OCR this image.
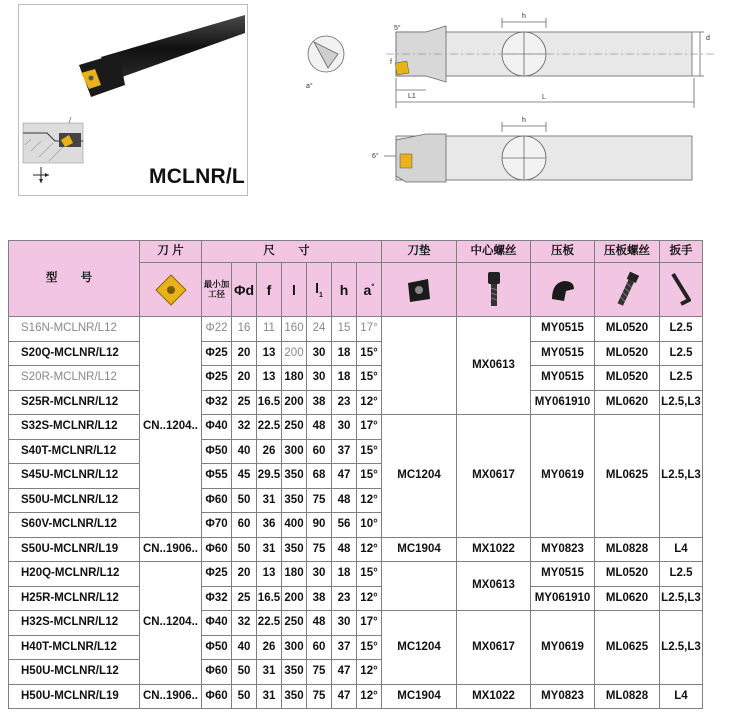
MCLNR/L
h
d
f
L1	L
5°
a°
h
6°
型 号	刀 片	尺 寸							刀垫	中心螺丝	压板	压板螺丝	扳手

	最小加工径	Φd	f	l	$l_1$	h	a°	

S16N-MCLNR/L12	CN..1204..	Φ22	16	11	160	24	15	17°		MX0613	MY0515	ML0520	L2.5
S20Q-MCLNR/L12		Φ25	20	13	200	30	18	15°			MY0515	ML0520	L2.5
S20R-MCLNR/L12		Φ25	20	13	180	30	18	15°			MY0515	ML0520	L2.5
S25R-MCLNR/L12		Φ32	25	16.5	200	38	23	12°			MY061910	ML0620	L2.5,L3
S32S-MCLNR/L12		Φ40	32	22.5	250	48	30	17°	MC1204	MX0617	MY0619	ML0625	L2.5,L3
S40T-MCLNR/L12		Φ50	40	26	300	60	37	15°					
S45U-MCLNR/L12		Φ55	45	29.5	350	68	47	15°					
S50U-MCLNR/L12		Φ60	50	31	350	75	48	12°					
S60V-MCLNR/L12		Φ70	60	36	400	90	56	10°					
S50U-MCLNR/L19	CN..1906..	Φ60	50	31	350	75	48	12°	MC1904	MX1022	MY0823	ML0828	L4
H20Q-MCLNR/L12	CN..1204..	Φ25	20	13	180	30	18	15°		MX0613	MY0515	ML0520	L2.5
H25R-MCLNR/L12		Φ32	25	16.5	200	38	23	12°			MY061910	ML0620	L2.5,L3
H32S-MCLNR/L12		Φ40	32	22.5	250	48	30	17°	MC1204	MX0617	MY0619	ML0625	L2.5,L3
H40T-MCLNR/L12		Φ50	40	26	300	60	37	15°					
H50U-MCLNR/L12		Φ60	50	31	350	75	47	12°					
H50U-MCLNR/L19	CN..1906..	Φ60	50	31	350	75	47	12°	MC1904	MX1022	MY0823	ML0828	L4
